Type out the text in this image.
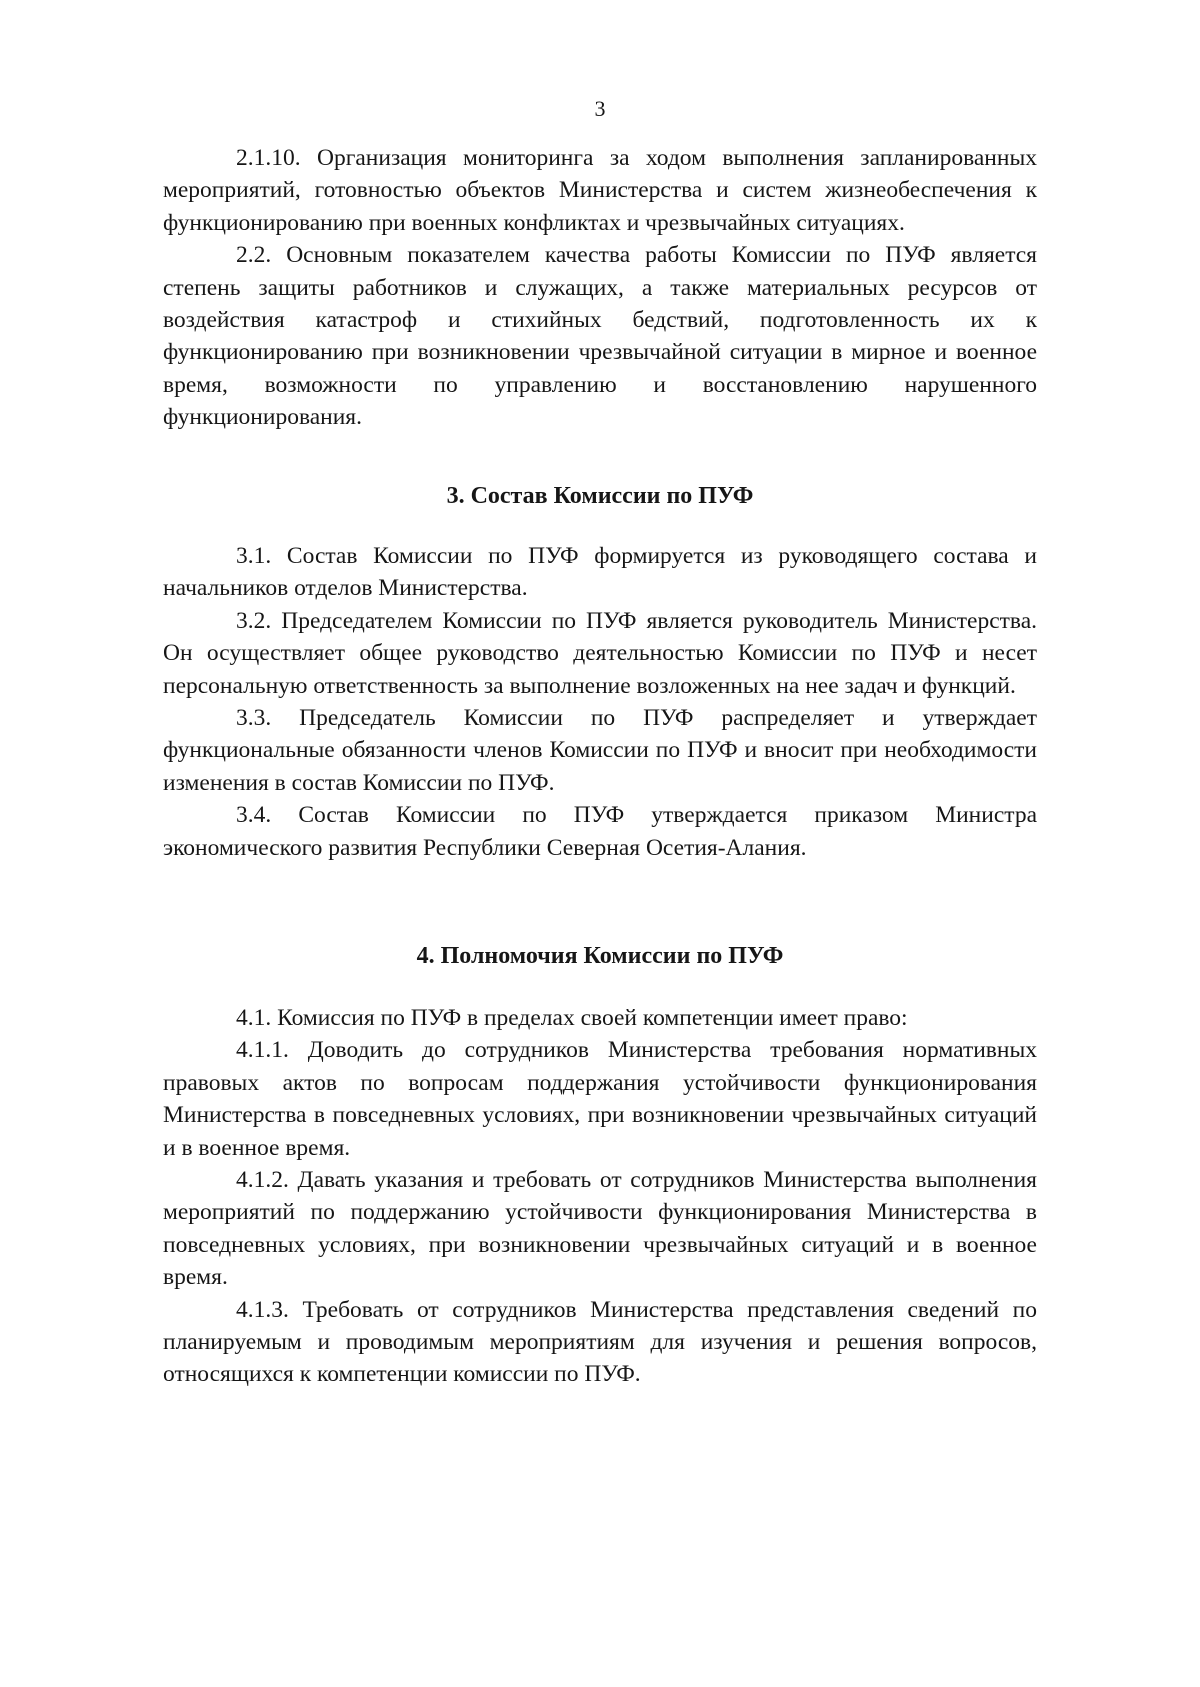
3

2.1.10. Организация мониторинга за ходом выполнения запланированных мероприятий, готовностью объектов Министерства и систем жизнеобеспечения к функционированию при военных конфликтах и чрезвычайных ситуациях.

2.2. Основным показателем качества работы Комиссии по ПУФ является степень защиты работников и служащих, а также материальных ресурсов от воздействия катастроф и стихийных бедствий, подготовленность их к функционированию при возникновении чрезвычайной ситуации в мирное и военное время, возможности по управлению и восстановлению нарушенного функционирования.

3. Состав Комиссии по ПУФ

3.1. Состав Комиссии по ПУФ формируется из руководящего состава и начальников отделов Министерства.

3.2. Председателем Комиссии по ПУФ является руководитель Министерства. Он осуществляет общее руководство деятельностью Комиссии по ПУФ и несет персональную ответственность за выполнение возложенных на нее задач и функций.

3.3. Председатель Комиссии по ПУФ распределяет и утверждает функциональные обязанности членов Комиссии по ПУФ и вносит при необходимости изменения в состав Комиссии по ПУФ.

3.4. Состав Комиссии по ПУФ утверждается приказом Министра экономического развития Республики Северная Осетия-Алания.

4. Полномочия Комиссии по ПУФ

4.1. Комиссия по ПУФ в пределах своей компетенции имеет право:

4.1.1. Доводить до сотрудников Министерства требования нормативных правовых актов по вопросам поддержания устойчивости функционирования Министерства в повседневных условиях, при возникновении чрезвычайных ситуаций и в военное время.

4.1.2. Давать указания и требовать от сотрудников Министерства выполнения мероприятий по поддержанию устойчивости функционирования Министерства в повседневных условиях, при возникновении чрезвычайных ситуаций и в военное время.

4.1.3. Требовать от сотрудников Министерства представления сведений по планируемым и проводимым мероприятиям для изучения и решения вопросов, относящихся к компетенции комиссии по ПУФ.
